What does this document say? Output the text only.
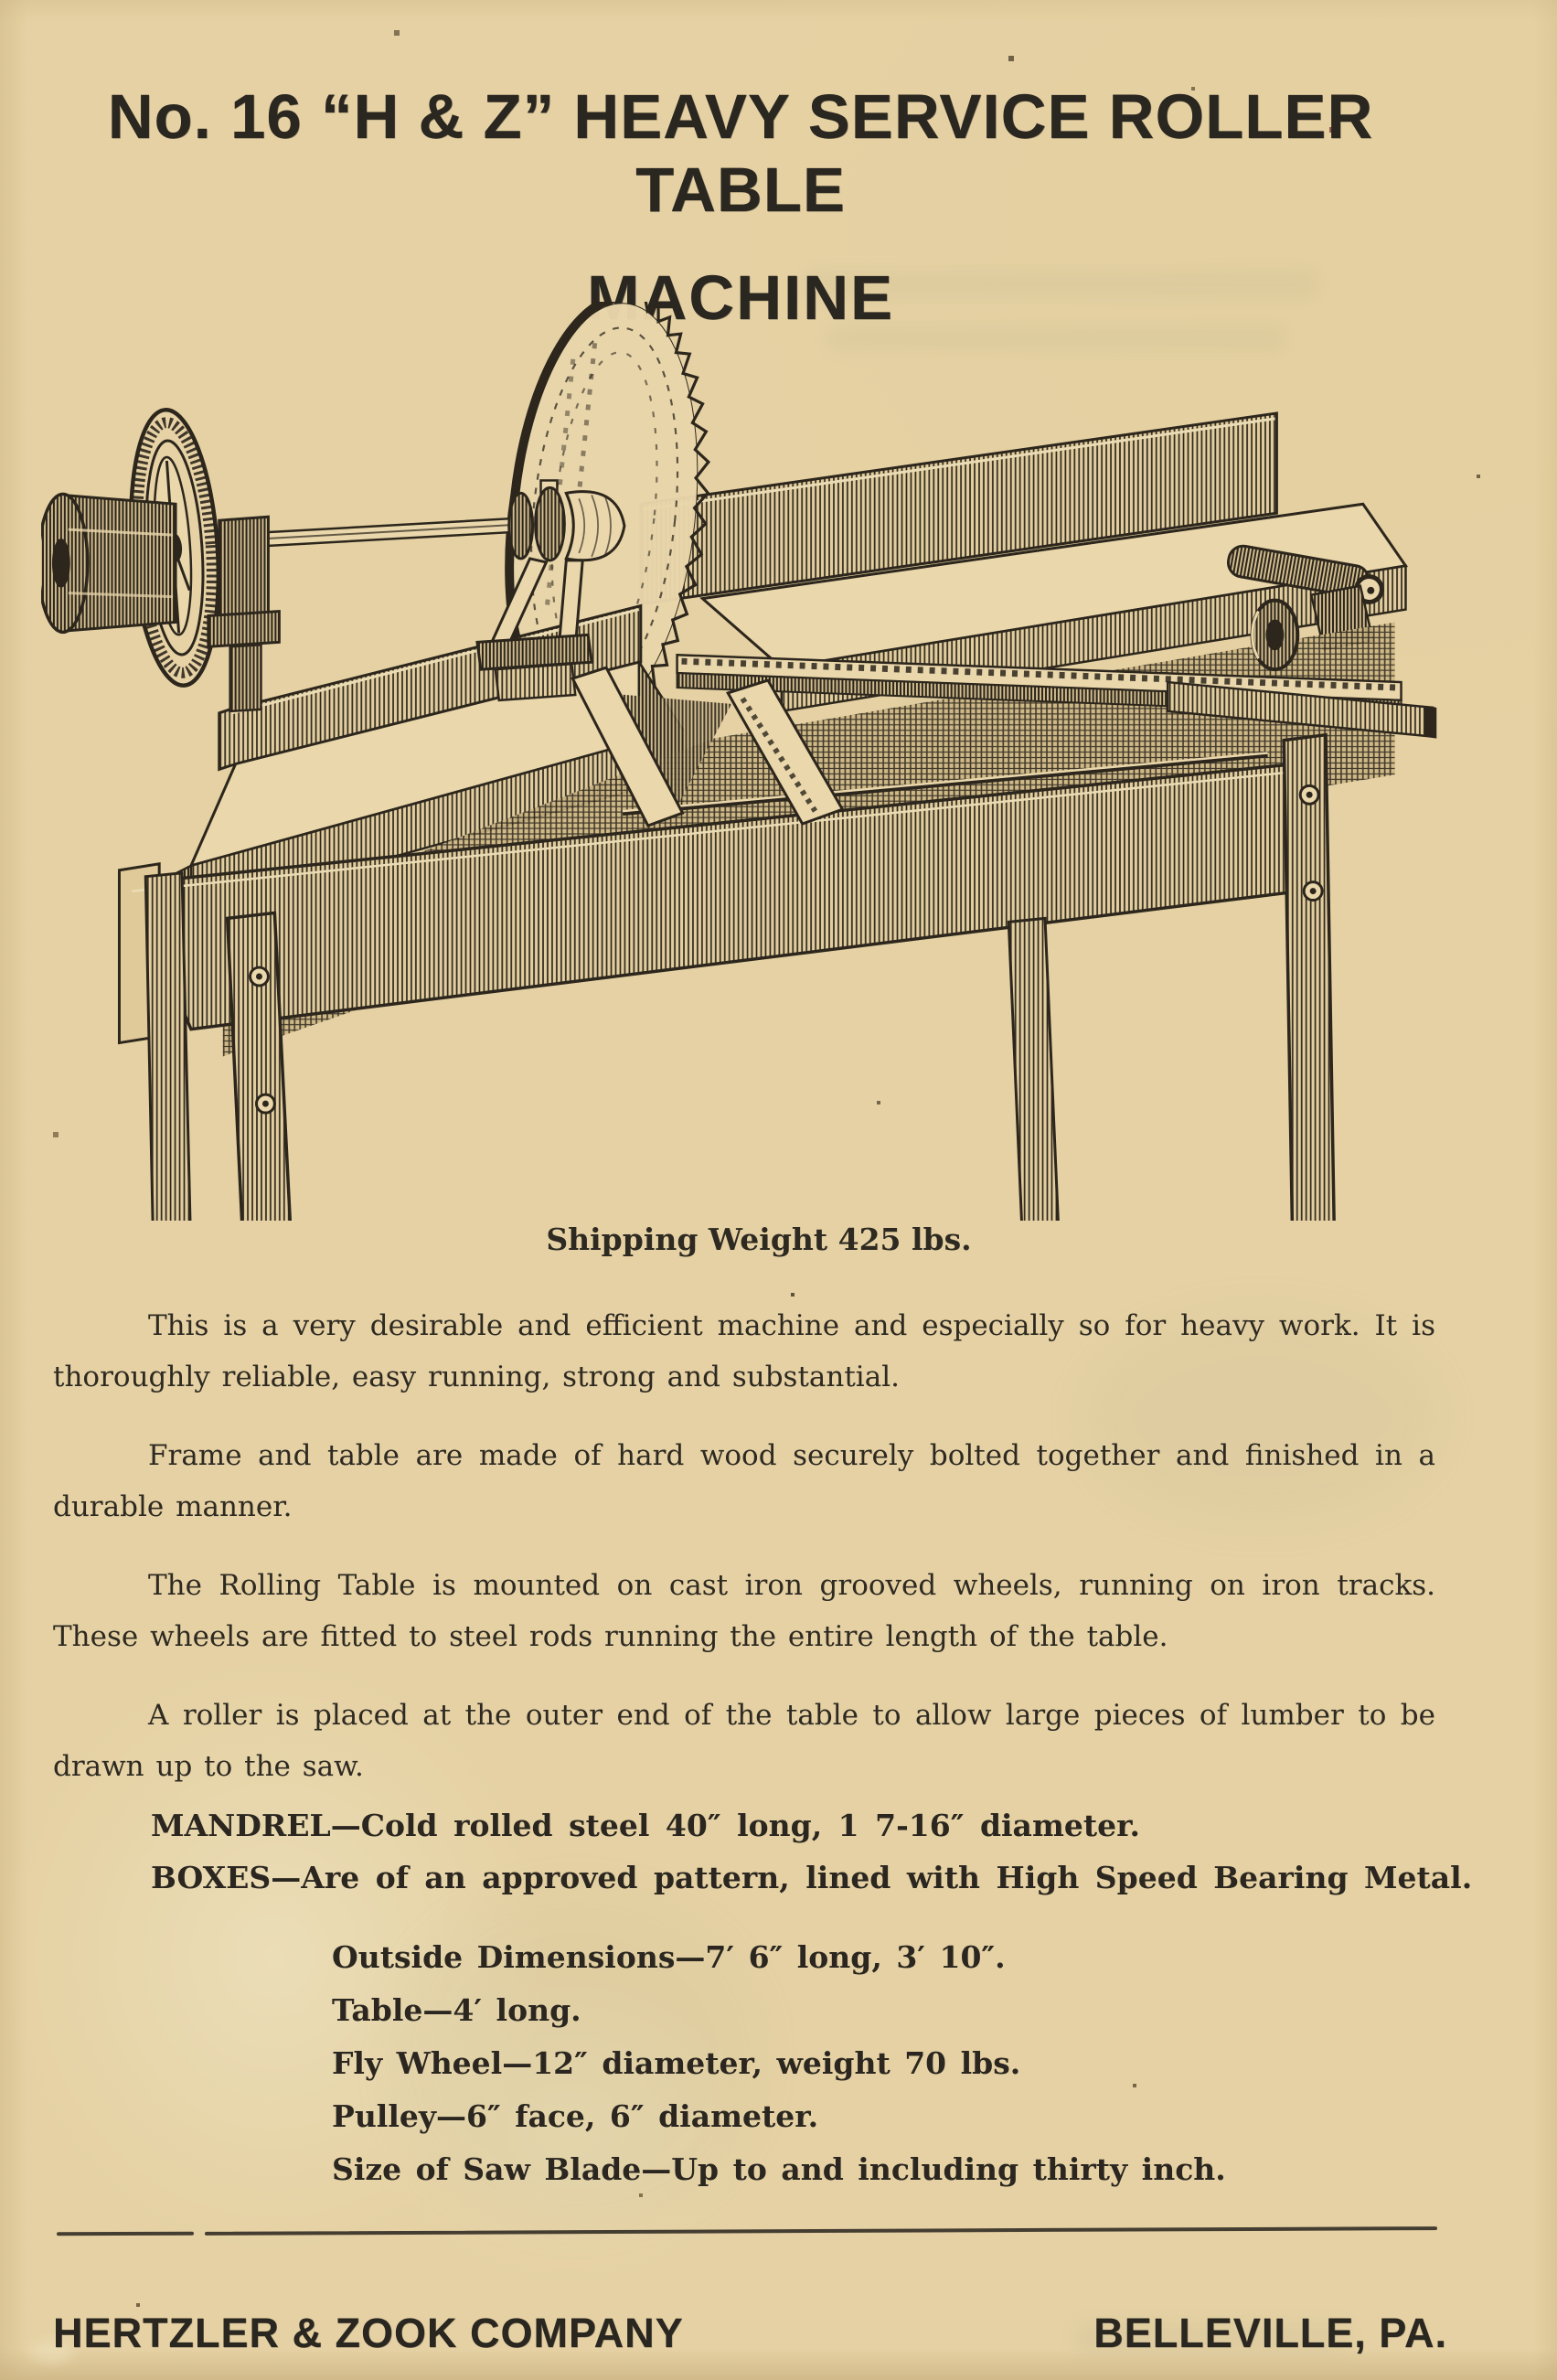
No. 16 “H & Z” HEAVY SERVICE ROLLER TABLE
MACHINE
Shipping Weight 425 lbs.

This is a very desirable and efficient machine and especially so for heavy work. It is thoroughly reliable, easy running, strong and substantial.

Frame and table are made of hard wood securely bolted together and finished in a durable manner.

The Rolling Table is mounted on cast iron grooved wheels, running on iron tracks. These wheels are fitted to steel rods running the entire length of the table.

A roller is placed at the outer end of the table to allow large pieces of lumber to be drawn up to the saw.

MANDREL—Cold rolled steel 40″ long, 1 7-16″ diameter.
BOXES—Are of an approved pattern, lined with High Speed Bearing Metal.
Outside Dimensions—7′ 6″ long, 3′ 10″.
Table—4′ long.
Fly Wheel—12″ diameter, weight 70 lbs.
Pulley—6″ face, 6″ diameter.
Size of Saw Blade—Up to and including thirty inch.
HERTZLER & ZOOK COMPANY	BELLEVILLE, PA.
